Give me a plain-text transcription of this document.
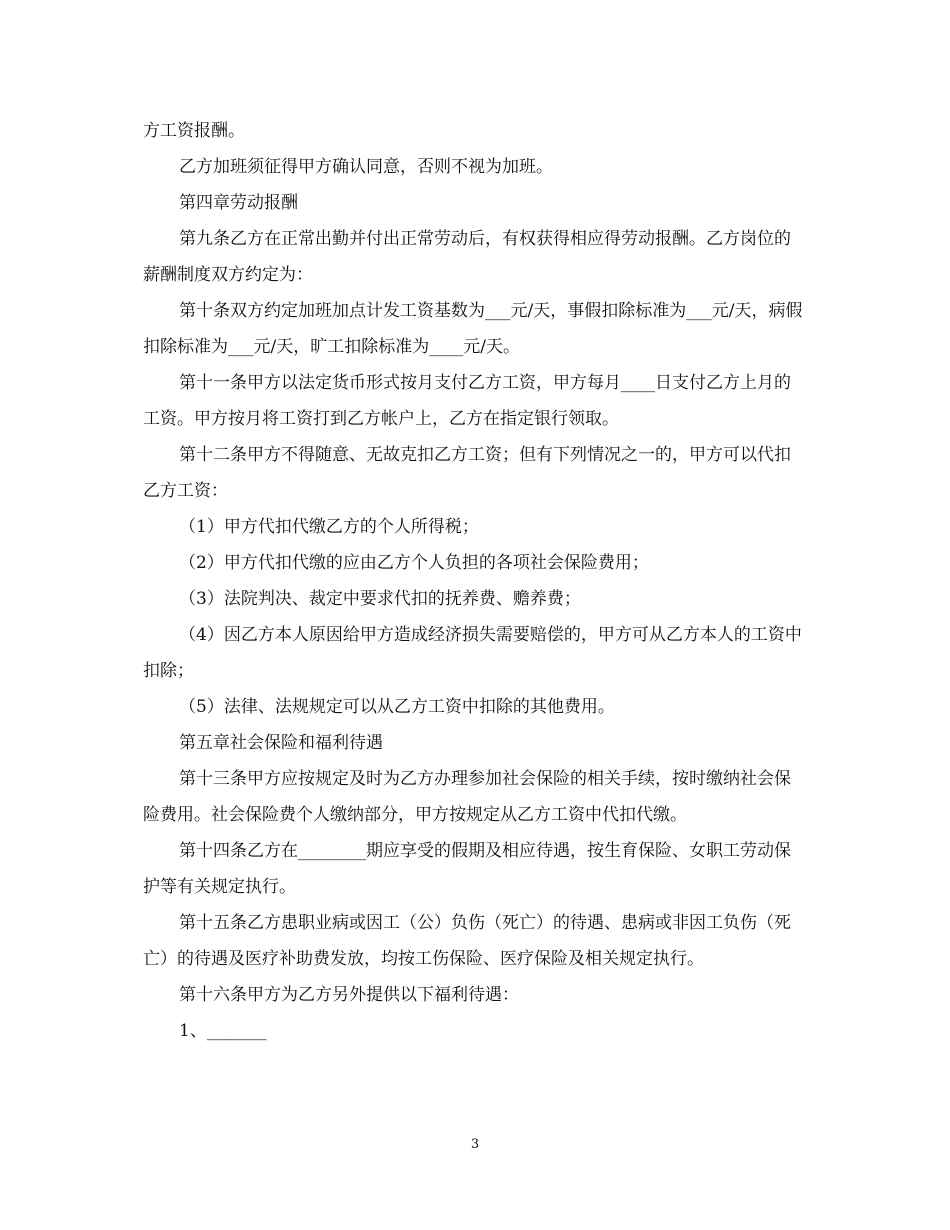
方工资报酬。

乙方加班须征得甲方确认同意，否则不视为加班。

第四章劳动报酬

第九条乙方在正常出勤并付出正常劳动后，有权获得相应得劳动报酬。乙方岗位的薪酬制度双方约定为：

第十条双方约定加班加点计发工资基数为___元/天，事假扣除标准为___元/天，病假扣除标准为___元/天，旷工扣除标准为____元/天。

第十一条甲方以法定货币形式按月支付乙方工资，甲方每月____日支付乙方上月的工资。甲方按月将工资打到乙方帐户上，乙方在指定银行领取。

第十二条甲方不得随意、无故克扣乙方工资；但有下列情况之一的，甲方可以代扣乙方工资：

（1）甲方代扣代缴乙方的个人所得税；

（2）甲方代扣代缴的应由乙方个人负担的各项社会保险费用；

（3）法院判决、裁定中要求代扣的抚养费、赡养费；

（4）因乙方本人原因给甲方造成经济损失需要赔偿的，甲方可从乙方本人的工资中扣除；

（5）法律、法规规定可以从乙方工资中扣除的其他费用。

第五章社会保险和福利待遇

第十三条甲方应按规定及时为乙方办理参加社会保险的相关手续，按时缴纳社会保险费用。社会保险费个人缴纳部分，甲方按规定从乙方工资中代扣代缴。

第十四条乙方在________期应享受的假期及相应待遇，按生育保险、女职工劳动保护等有关规定执行。

第十五条乙方患职业病或因工（公）负伤（死亡）的待遇、患病或非因工负伤（死亡）的待遇及医疗补助费发放，均按工伤保险、医疗保险及相关规定执行。

第十六条甲方为乙方另外提供以下福利待遇：

1、_______

3
